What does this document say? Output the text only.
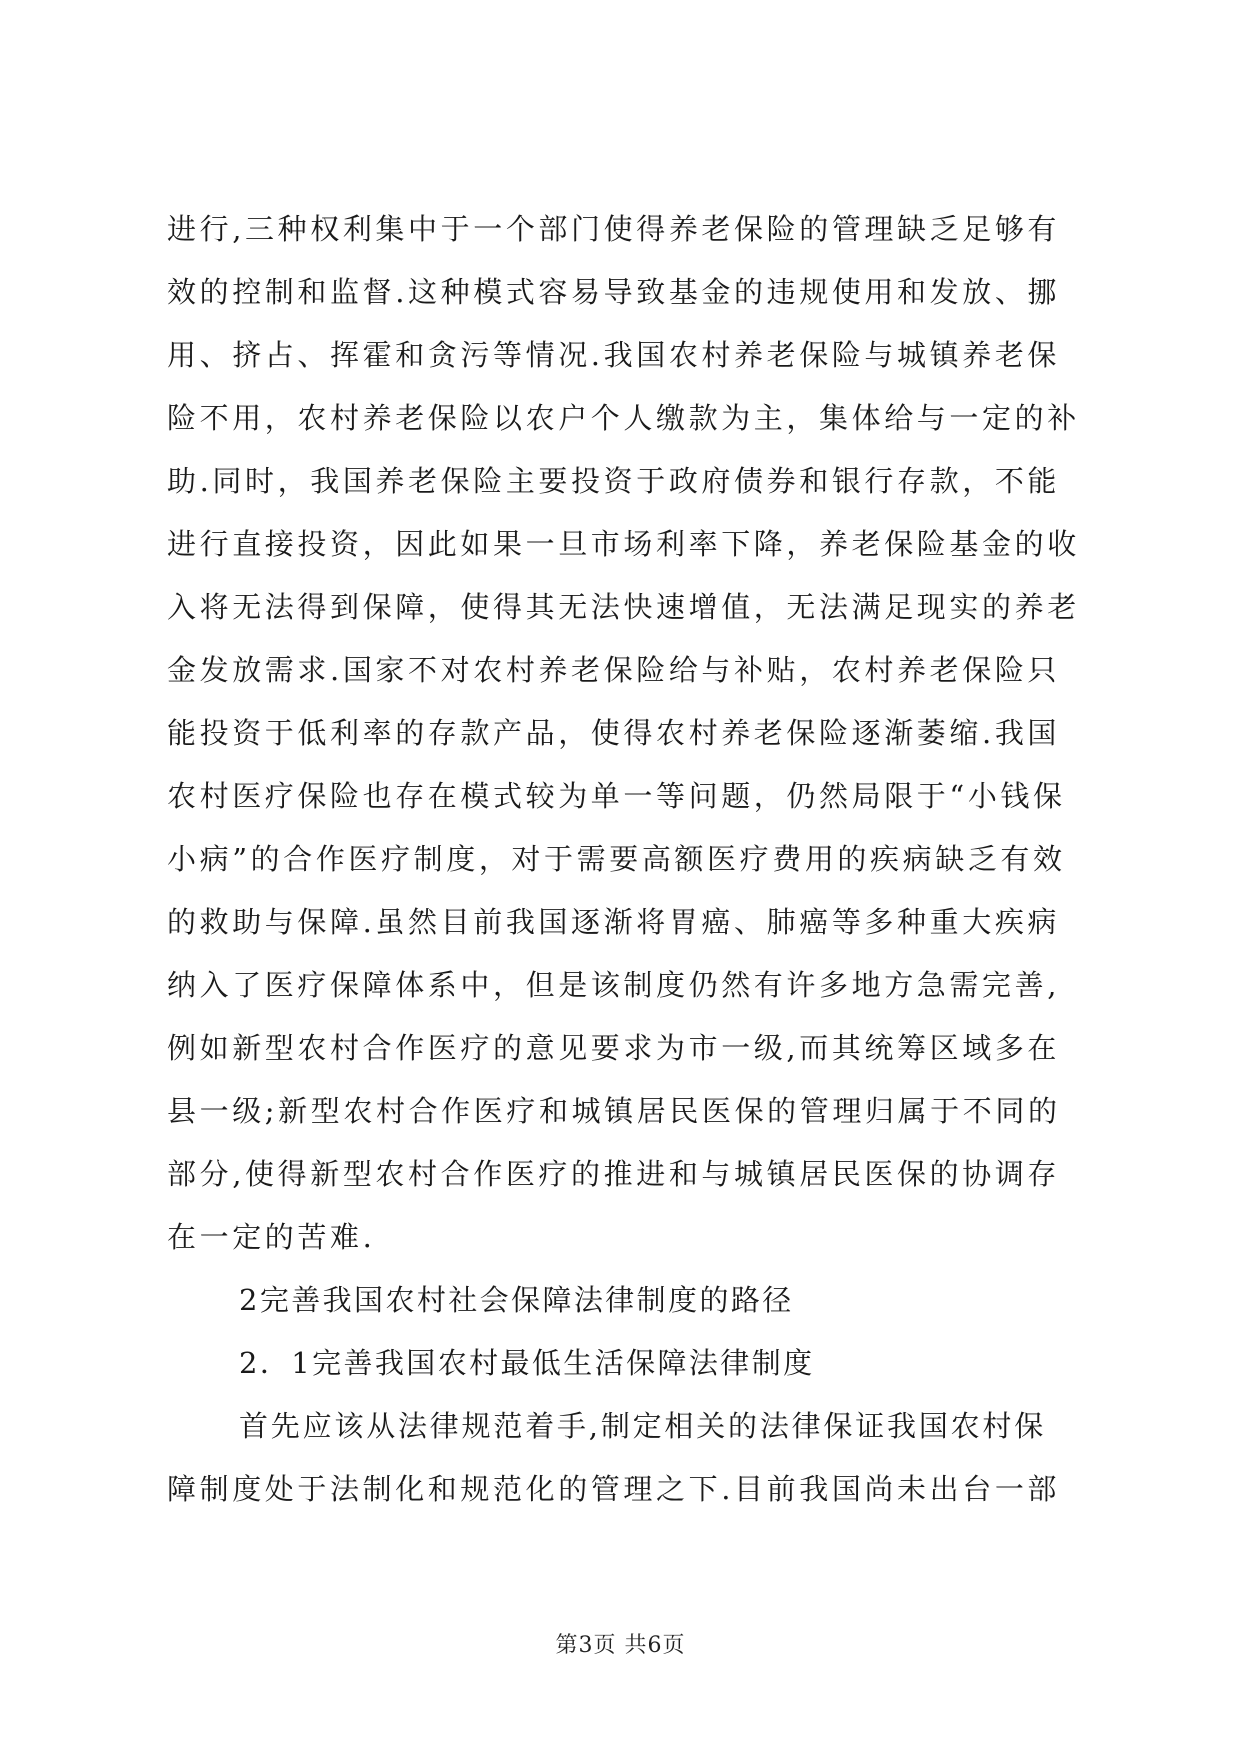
进行,三种权利集中于一个部门使得养老保险的管理缺乏足够有
效的控制和监督.这种模式容易导致基金的违规使用和发放、挪
用、挤占、挥霍和贪污等情况.我国农村养老保险与城镇养老保
险不用，农村养老保险以农户个人缴款为主，集体给与一定的补
助.同时，我国养老保险主要投资于政府债券和银行存款，不能
进行直接投资，因此如果一旦市场利率下降，养老保险基金的收
入将无法得到保障，使得其无法快速增值，无法满足现实的养老
金发放需求.国家不对农村养老保险给与补贴，农村养老保险只
能投资于低利率的存款产品，使得农村养老保险逐渐萎缩.我国
农村医疗保险也存在模式较为单一等问题，仍然局限于“小钱保
小病”的合作医疗制度，对于需要高额医疗费用的疾病缺乏有效
的救助与保障.虽然目前我国逐渐将胃癌、肺癌等多种重大疾病
纳入了医疗保障体系中，但是该制度仍然有许多地方急需完善,
例如新型农村合作医疗的意见要求为市一级,而其统筹区域多在
县一级;新型农村合作医疗和城镇居民医保的管理归属于不同的
部分,使得新型农村合作医疗的推进和与城镇居民医保的协调存
在一定的苦难.
2完善我国农村社会保障法律制度的路径
2．1完善我国农村最低生活保障法律制度
首先应该从法律规范着手,制定相关的法律保证我国农村保
障制度处于法制化和规范化的管理之下.目前我国尚未出台一部
第3页 共6页
